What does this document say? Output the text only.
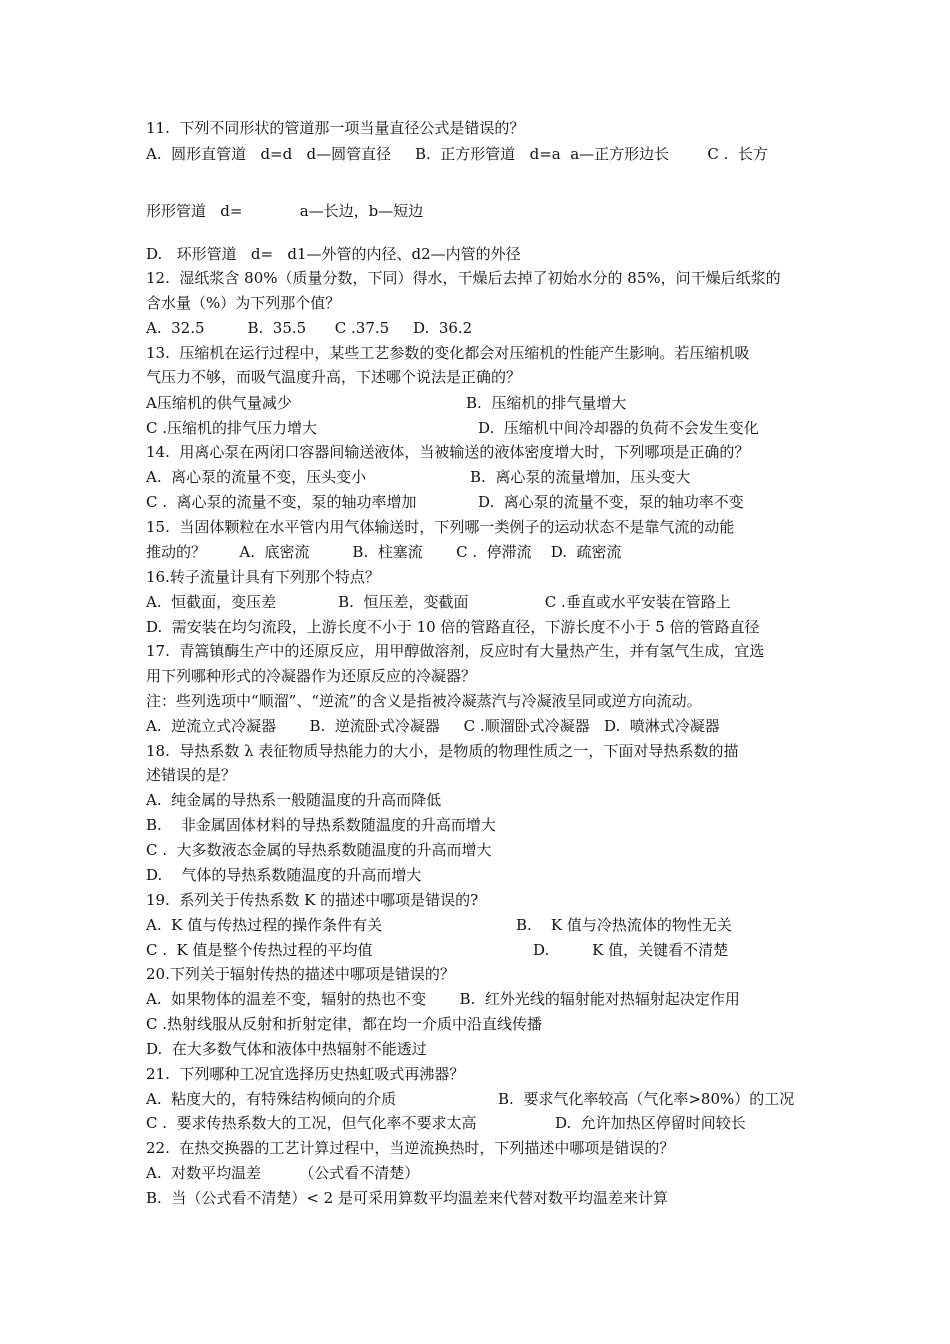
11.  下列不同形状的管道那一项当量直径公式是错误的？
A.  圆形直管道   d=d   d—圆管直径     B.  正方形管道   d=a  a—正方形边长        C .  长方
形形管道   d=            a—长边，b—短边
D.   环形管道   d=   d1—外管的内径、d2—内管的外径
12.  湿纸浆含 80%（质量分数，下同）得水，干燥后去掉了初始水分的 85%，问干燥后纸浆的
含水量（%）为下列那个值？
A.  32.5         B.  35.5      C .37.5     D.  36.2
13.  压缩机在运行过程中，某些工艺参数的变化都会对压缩机的性能产生影响。若压缩机吸
气压力不够，而吸气温度升高，下述哪个说法是正确的？
A压缩机的供气量减少	B.  压缩机的排气量增大
C .压缩机的排气压力增大	D.  压缩机中间冷却器的负荷不会发生变化
14.  用离心泵在两闭口容器间输送液体，当被输送的液体密度增大时，下列哪项是正确的？
A.  离心泵的流量不变，压头变小	B.  离心泵的流量增加，压头变大
C .  离心泵的流量不变，泵的轴功率增加	D.  离心泵的流量不变，泵的轴功率不变
15.  当固体颗粒在水平管内用气体输送时，下列哪一类例子的运动状态不是靠气流的动能
推动的？       A.  底密流         B.  柱塞流       C .  停滞流    D.  疏密流
16.转子流量计具有下列那个特点？
A.  恒截面，变压差             B.  恒压差，变截面                C .垂直或水平安装在管路上
D.  需安装在均匀流段，上游长度不小于 10 倍的管路直径，下游长度不小于 5 倍的管路直径
17.  青篙镇酶生产中的还原反应，用甲醇做溶剂，反应时有大量热产生，并有氢气生成，宜选
用下列哪种形式的冷凝器作为还原反应的冷凝器？
注：些列选项中“顺溜”、“逆流”的含义是指被冷凝蒸汽与冷凝液呈同或逆方向流动。
A.  逆流立式冷凝器       B.  逆流卧式冷凝器     C .顺溜卧式冷凝器   D.  喷淋式冷凝器
18.  导热系数 λ 表征物质导热能力的大小，是物质的物理性质之一，下面对导热系数的描
述错误的是？
A.  纯金属的导热系一般随温度的升高而降低
B.    非金属固体材料的导热系数随温度的升高而增大
C .  大多数液态金属的导热系数随温度的升高而增大
D.    气体的导热系数随温度的升高而增大
19.  系列关于传热系数 K 的描述中哪项是错误的?
A.  K 值与传热过程的操作条件有关	B.    K 值与冷热流体的物性无关
C .  K 值是整个传热过程的平均值	D.         K 值，关键看不清楚
20.下列关于辐射传热的描述中哪项是错误的？
A.  如果物体的温差不变，辐射的热也不变       B.  红外光线的辐射能对热辐射起决定作用
C .热射线服从反射和折射定律，都在均一介质中沿直线传播
D.  在大多数气体和液体中热辐射不能透过
21.  下列哪种工况宜选择历史热虹吸式再沸器？
A.  粘度大的，有特殊结构倾向的介质	B.  要求气化率较高（气化率>80%）的工况
C .  要求传热系数大的工况，但气化率不要求太高	D.  允许加热区停留时间较长
22.  在热交换器的工艺计算过程中，当逆流换热时，下列描述中哪项是错误的？
A.  对数平均温差        （公式看不清楚）
B.  当（公式看不清楚）< 2 是可采用算数平均温差来代替对数平均温差来计算
